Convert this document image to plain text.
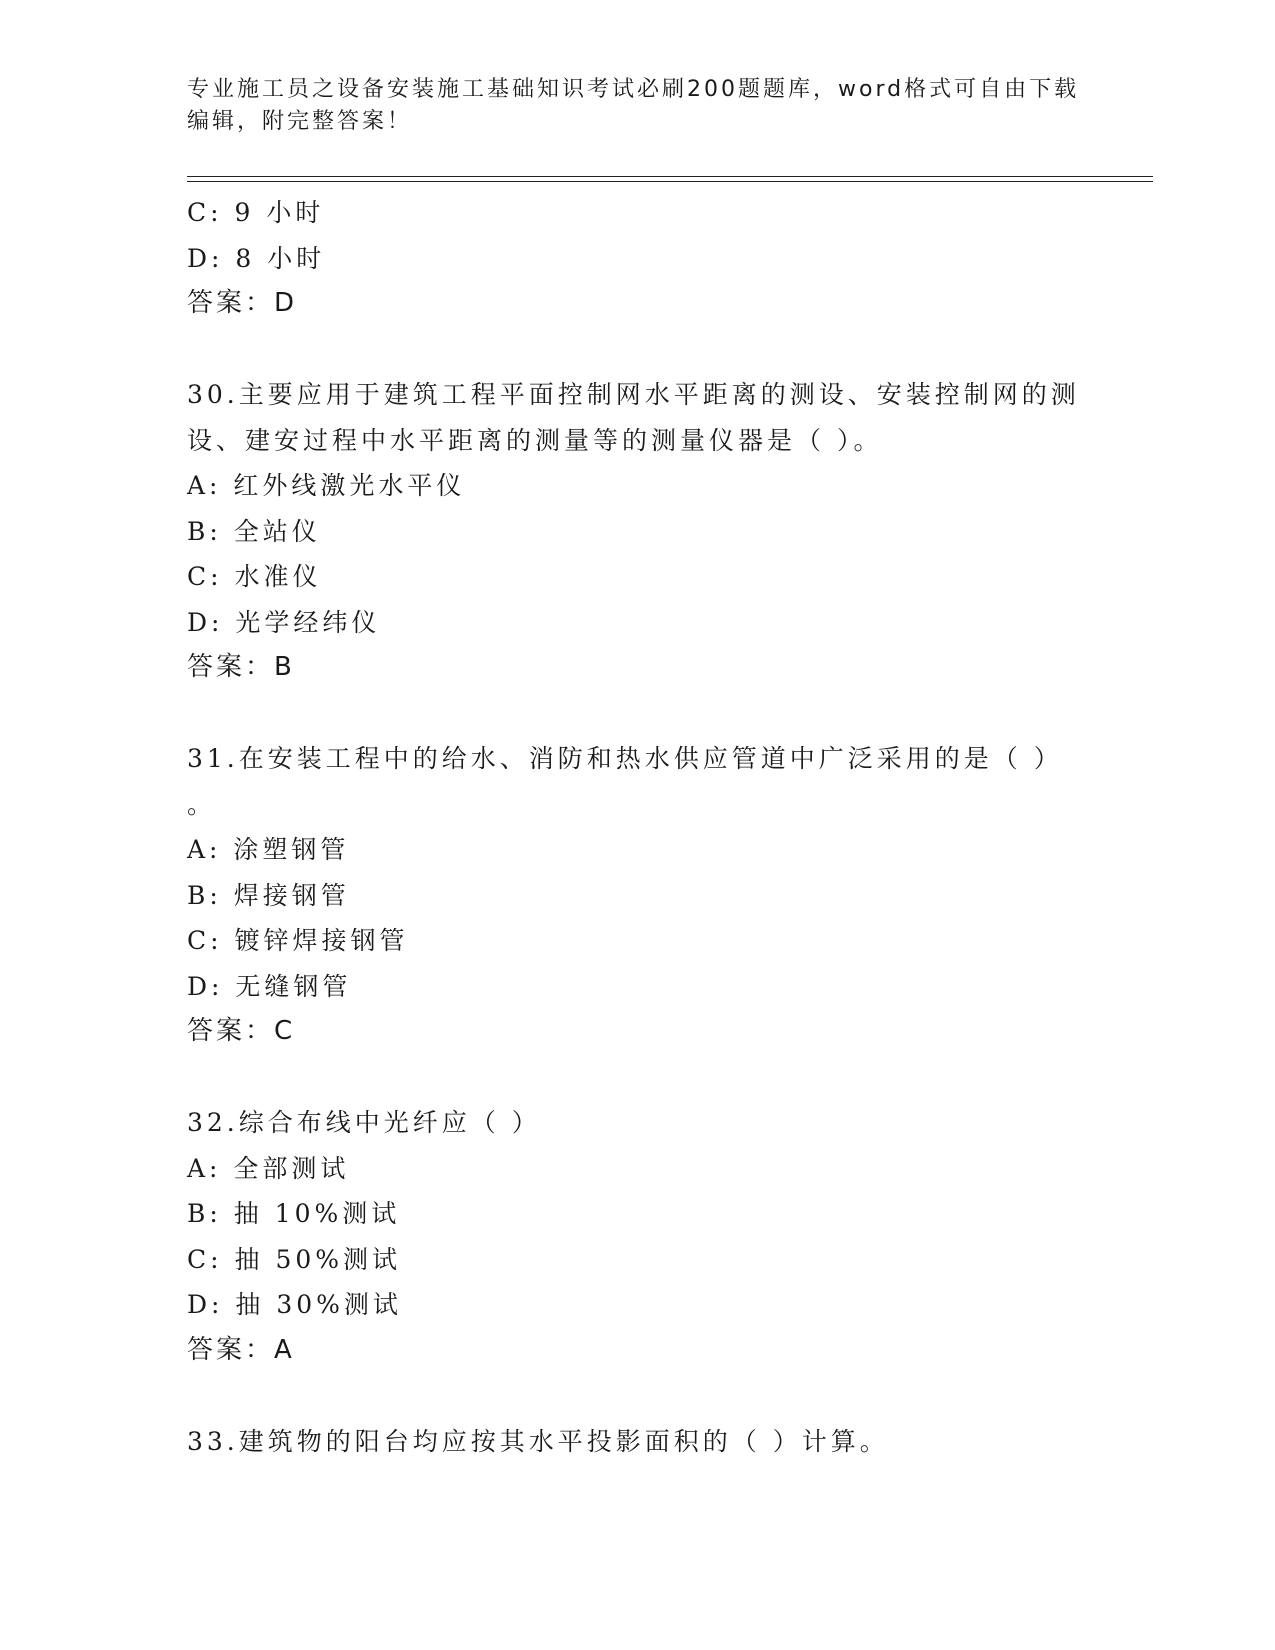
专业施工员之设备安装施工基础知识考试必刷200题题库，word格式可自由下载
编辑，附完整答案！
C: 9 小时
D: 8 小时
答案：D
30.主要应用于建筑工程平面控制网水平距离的测设、安装控制网的测
设、建安过程中水平距离的测量等的测量仪器是（ ）。
A: 红外线激光水平仪
B: 全站仪
C: 水准仪
D: 光学经纬仪
答案：B
31.在安装工程中的给水、消防和热水供应管道中广泛采用的是（ ）
。
A: 涂塑钢管
B: 焊接钢管
C: 镀锌焊接钢管
D: 无缝钢管
答案：C
32.综合布线中光纤应（ ）
A: 全部测试
B: 抽 10%测试
C: 抽 50%测试
D: 抽 30%测试
答案：A
33.建筑物的阳台均应按其水平投影面积的（ ）计算。
